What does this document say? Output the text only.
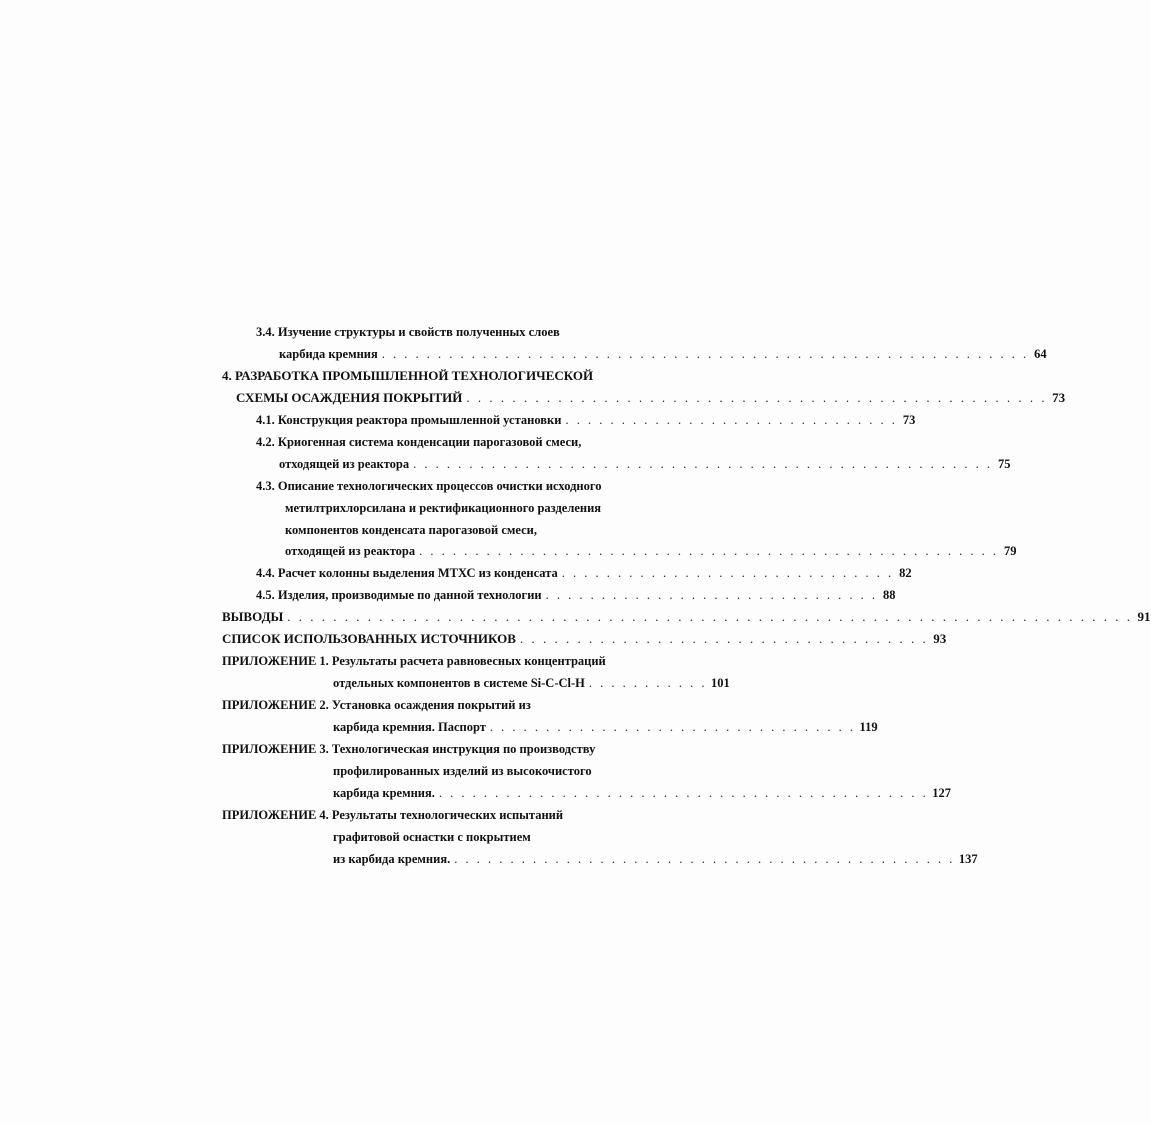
3.4. Изучение структуры и свойств полученных слоев
карбида кремния . . . . . . . . . . . . . . . . . . . . . . . . . . . . . . . . . . . . . . . . . . . . . . . . . . . . . . . . . . 64
4. РАЗРАБОТКА ПРОМЫШЛЕННОЙ ТЕХНОЛОГИЧЕСКОЙ
СХЕМЫ ОСАЖДЕНИЯ ПОКРЫТИЙ . . . . . . . . . . . . . . . . . . . . . . . . . . . . . . . . . . . . . . . . . . . . . . . . . . . 73
4.1. Конструкция реактора промышленной установки . . . . . . . . . . . . . . . . . . . . . . . . . . . . . . 73
4.2. Криогенная система конденсации парогазовой смеси,
отходящей из реактора . . . . . . . . . . . . . . . . . . . . . . . . . . . . . . . . . . . . . . . . . . . . . . . . . . . . 75
4.3. Описание технологических процессов очистки исходного
метилтрихлорсилана и ректификационного разделения
компонентов конденсата парогазовой смеси,
отходящей из реактора . . . . . . . . . . . . . . . . . . . . . . . . . . . . . . . . . . . . . . . . . . . . . . . . . . . . 79
4.4. Расчет колонны выделения МТХС из конденсата . . . . . . . . . . . . . . . . . . . . . . . . . . . . . . 82
4.5. Изделия, производимые по данной технологии . . . . . . . . . . . . . . . . . . . . . . . . . . . . . . 88
ВЫВОДЫ . . . . . . . . . . . . . . . . . . . . . . . . . . . . . . . . . . . . . . . . . . . . . . . . . . . . . . . . . . . . . . . . . . . . . . . . . . 91
СПИСОК ИСПОЛЬЗОВАННЫХ ИСТОЧНИКОВ . . . . . . . . . . . . . . . . . . . . . . . . . . . . . . . . . . . . 93
ПРИЛОЖЕНИЕ 1. Результаты расчета равновесных концентраций
отдельных компонентов в системе Si-C-Cl-H . . . . . . . . . . . 101
ПРИЛОЖЕНИЕ 2. Установка осаждения покрытий из
карбида кремния. Паспорт . . . . . . . . . . . . . . . . . . . . . . . . . . . . . . . . . 119
ПРИЛОЖЕНИЕ 3. Технологическая инструкция по производству
профилированных изделий из высокочистого
карбида кремния. . . . . . . . . . . . . . . . . . . . . . . . . . . . . . . . . . . . . . . . . . . . . 127
ПРИЛОЖЕНИЕ 4. Результаты технологических испытаний
графитовой оснастки с покрытием
из карбида кремния. . . . . . . . . . . . . . . . . . . . . . . . . . . . . . . . . . . . . . . . . . . . . . 137
